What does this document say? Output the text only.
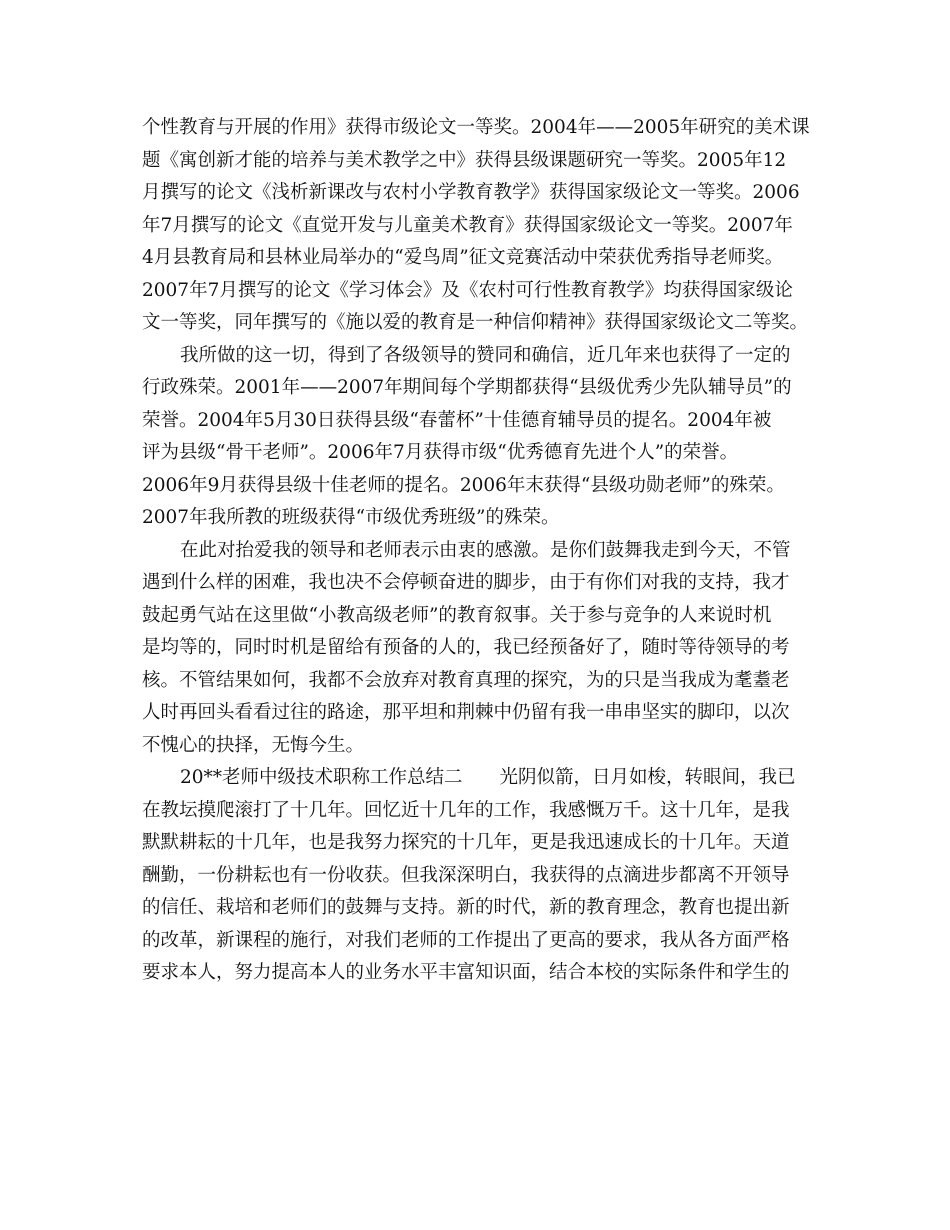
个性教育与开展的作用》获得市级论文一等奖。2004年——2005年研究的美术课
题《寓创新才能的培养与美术教学之中》获得县级课题研究一等奖。2005年12
月撰写的论文《浅析新课改与农村小学教育教学》获得国家级论文一等奖。2006
年7月撰写的论文《直觉开发与儿童美术教育》获得国家级论文一等奖。2007年
4月县教育局和县林业局举办的“爱鸟周”征文竞赛活动中荣获优秀指导老师奖。
2007年7月撰写的论文《学习体会》及《农村可行性教育教学》均获得国家级论
文一等奖，同年撰写的《施以爱的教育是一种信仰精神》获得国家级论文二等奖。
我所做的这一切，得到了各级领导的赞同和确信，近几年来也获得了一定的
行政殊荣。2001年——2007年期间每个学期都获得“县级优秀少先队辅导员”的
荣誉。2004年5月30日获得县级“春蕾杯”十佳德育辅导员的提名。2004年被
评为县级“骨干老师”。2006年7月获得市级“优秀德育先进个人”的荣誉。
2006年9月获得县级十佳老师的提名。2006年末获得“县级功勋老师”的殊荣。
2007年我所教的班级获得“市级优秀班级”的殊荣。
在此对抬爱我的领导和老师表示由衷的感激。是你们鼓舞我走到今天，不管
遇到什么样的困难，我也决不会停顿奋进的脚步，由于有你们对我的支持，我才
鼓起勇气站在这里做“小教高级老师”的教育叙事。关于参与竞争的人来说时机
是均等的，同时时机是留给有预备的人的，我已经预备好了，随时等待领导的考
核。不管结果如何，我都不会放弃对教育真理的探究，为的只是当我成为耄耋老
人时再回头看看过往的路途，那平坦和荆棘中仍留有我一串串坚实的脚印，以次
不愧心的抉择，无悔今生。
20**老师中级技术职称工作总结二　　光阴似箭，日月如梭，转眼间，我已
在教坛摸爬滚打了十几年。回忆近十几年的工作，我感慨万千。这十几年，是我
默默耕耘的十几年，也是我努力探究的十几年，更是我迅速成长的十几年。天道
酬勤，一份耕耘也有一份收获。但我深深明白，我获得的点滴进步都离不开领导
的信任、栽培和老师们的鼓舞与支持。新的时代，新的教育理念，教育也提出新
的改革，新课程的施行，对我们老师的工作提出了更高的要求，我从各方面严格
要求本人，努力提高本人的业务水平丰富知识面，结合本校的实际条件和学生的
